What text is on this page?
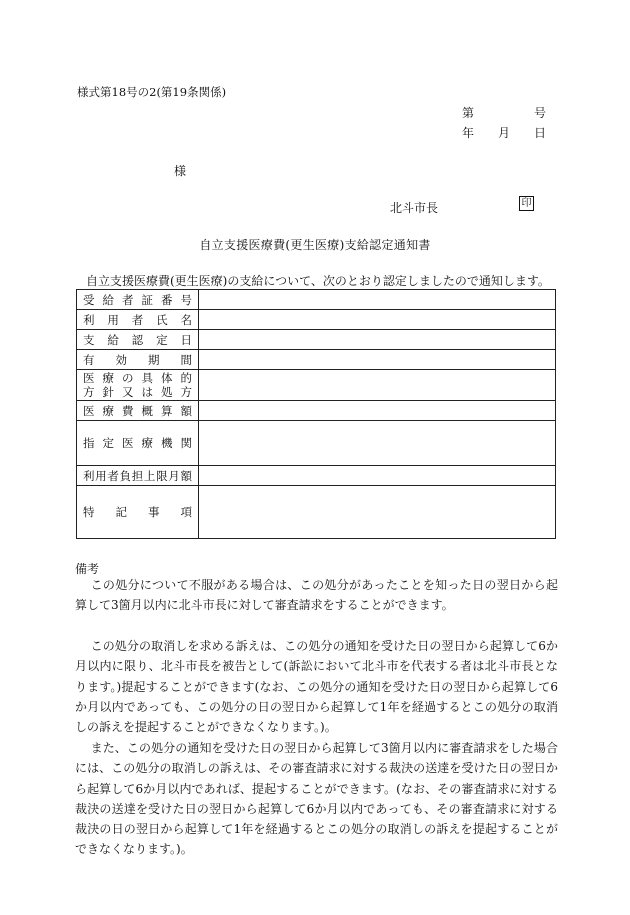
様式第18号の2(第19条関係)
第	号
年 月 日
様
北斗市長	印
自立支援医療費(更生医療)支給認定通知書
自立支援医療費(更生医療)の支給について、次のとおり認定しましたので通知します。
受給者証番号	

利用者氏名	

支給認定日	

有効期間	

医療の具体的
方針又は処方	

医療費概算額	

指定医療機関	

利用者負担上限月額	

特記事項	

備考

この処分について不服がある場合は、この処分があったことを知った日の翌日から起算して3箇月以内に北斗市長に対して審査請求をすることができます。

この処分の取消しを求める訴えは、この処分の通知を受けた日の翌日から起算して6か月以内に限り、北斗市長を被告として(訴訟において北斗市を代表する者は北斗市長となります。)提起することができます(なお、この処分の通知を受けた日の翌日から起算して6か月以内であっても、この処分の日の翌日から起算して1年を経過するとこの処分の取消しの訴えを提起することができなくなります。)。

また、この処分の通知を受けた日の翌日から起算して3箇月以内に審査請求をした場合には、この処分の取消しの訴えは、その審査請求に対する裁決の送達を受けた日の翌日から起算して6か月以内であれば、提起することができます。(なお、その審査請求に対する裁決の送達を受けた日の翌日から起算して6か月以内であっても、その審査請求に対する裁決の日の翌日から起算して1年を経過するとこの処分の取消しの訴えを提起することができなくなります。)。
